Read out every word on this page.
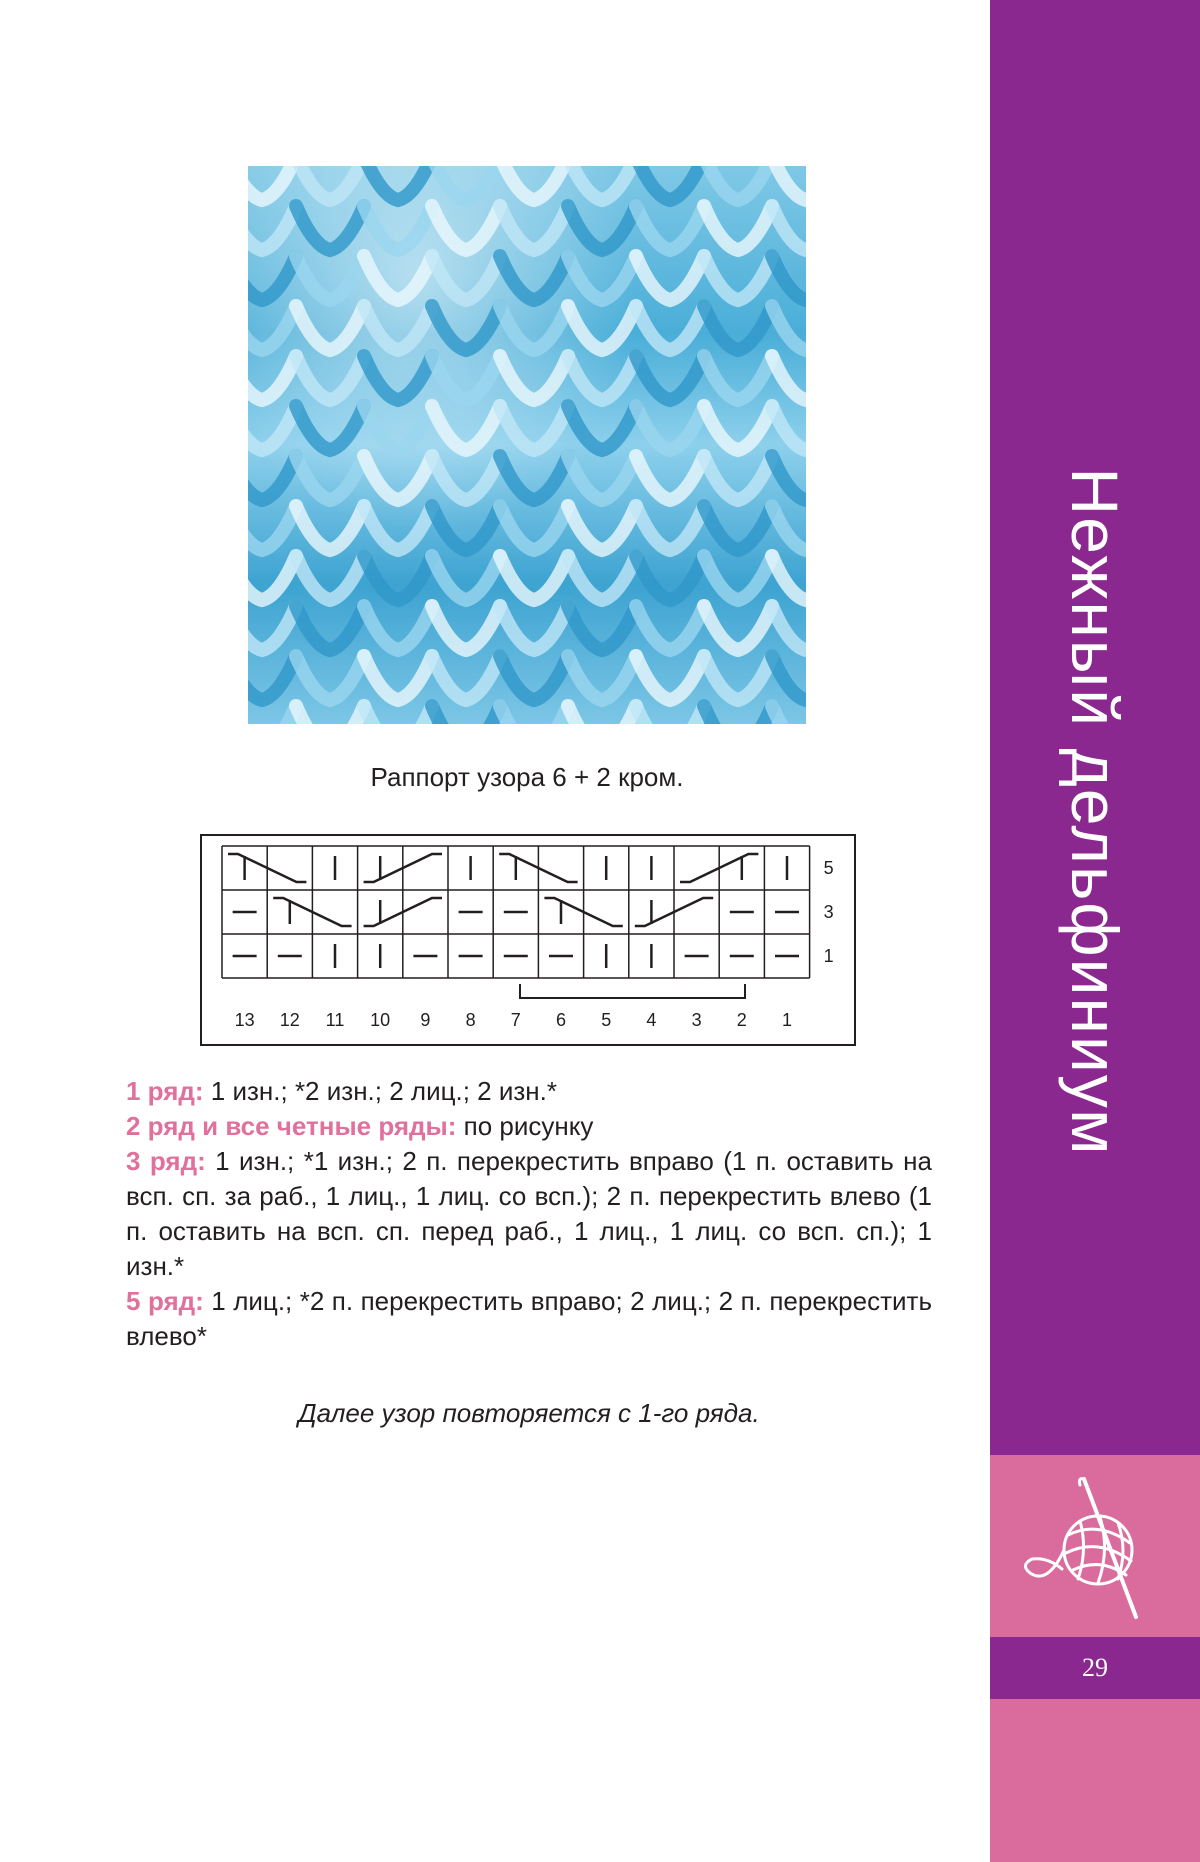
Раппорт узора 6 + 2 кром.
5
3
1
13 12 11 10 9 8 7 6 5 4 3 2 1

1 ряд: 1 изн.; *2 изн.; 2 лиц.; 2 изн.*

2 ряд и все четные ряды: по рисунку

3 ряд: 1 изн.; *1 изн.; 2 п. перекрестить вправо (1 п. оставить на всп. сп. за раб., 1 лиц., 1 лиц. со всп.); 2 п. перекрестить влево (1 п. оставить на всп. сп. перед раб., 1 лиц., 1 лиц. со всп. сп.); 1 изн.*

5 ряд: 1 лиц.; *2 п. перекрестить вправо; 2 лиц.; 2 п. перекрестить влево*

Далее узор повторяется с 1-го ряда.
Нежный дельфиниум
29
